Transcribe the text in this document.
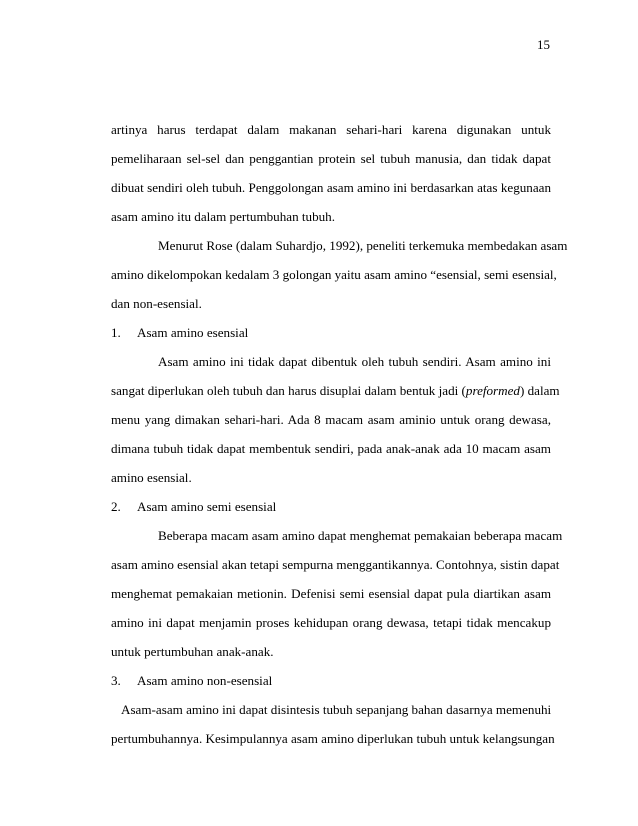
15
artinya harus terdapat dalam makanan sehari-hari karena digunakan untuk
pemeliharaan sel-sel dan penggantian protein sel tubuh manusia, dan tidak dapat
dibuat sendiri oleh tubuh. Penggolongan asam amino ini berdasarkan atas kegunaan
asam amino itu dalam pertumbuhan tubuh.
Menurut Rose (dalam Suhardjo, 1992), peneliti terkemuka membedakan asam
amino dikelompokan kedalam 3 golongan yaitu asam amino “esensial, semi esensial,
dan non-esensial.
1. Asam amino esensial
Asam amino ini tidak dapat dibentuk oleh tubuh sendiri. Asam amino ini
sangat diperlukan oleh tubuh dan harus disuplai dalam bentuk jadi (preformed) dalam
menu yang dimakan sehari-hari. Ada 8 macam asam aminio untuk orang dewasa,
dimana tubuh tidak dapat membentuk sendiri, pada anak-anak ada 10 macam asam
amino esensial.
2. Asam amino semi esensial
Beberapa macam asam amino dapat menghemat pemakaian beberapa macam
asam amino esensial akan tetapi sempurna menggantikannya. Contohnya, sistin dapat
menghemat pemakaian metionin. Defenisi semi esensial dapat pula diartikan asam
amino ini dapat menjamin proses kehidupan orang dewasa, tetapi tidak mencakup
untuk pertumbuhan anak-anak.
3. Asam amino non-esensial
Asam-asam amino ini dapat disintesis tubuh sepanjang bahan dasarnya memenuhi
pertumbuhannya. Kesimpulannya asam amino diperlukan tubuh untuk kelangsungan
